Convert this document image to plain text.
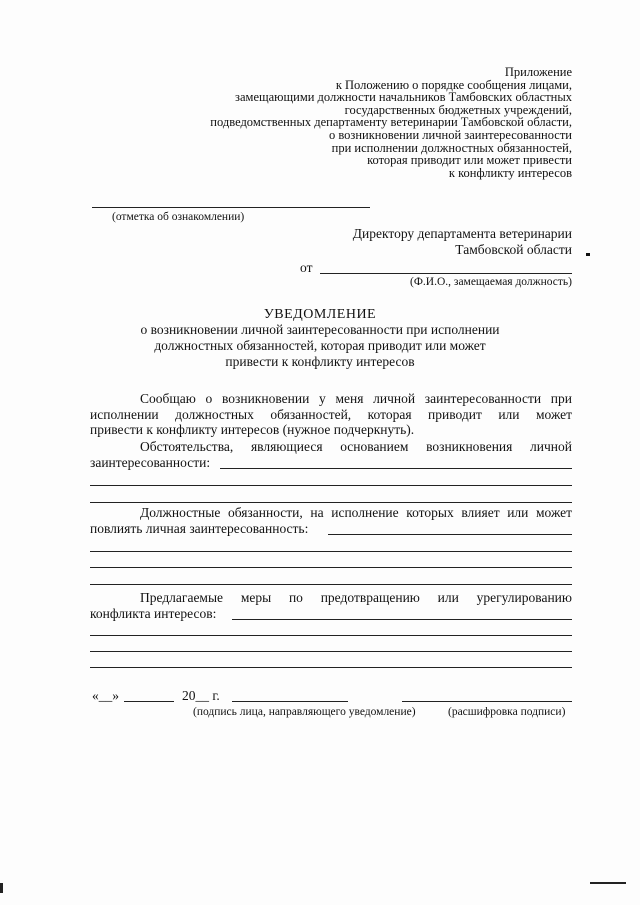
Приложение
к Положению о порядке сообщения лицами,
замещающими должности начальников Тамбовских областных
государственных бюджетных учреждений,
подведомственных департаменту ветеринарии Тамбовской области,
о возникновении личной заинтересованности
при исполнении должностных обязанностей,
которая приводит или может привести
к конфликту интересов
(отметка об ознакомлении)
Директору департамента ветеринарии
Тамбовской области
от
(Ф.И.О., замещаемая должность)
УВЕДОМЛЕНИЕ
о возникновении личной заинтересованности при исполнении
должностных обязанностей, которая приводит или может
привести к конфликту интересов
Сообщаю о возникновении у меня личной заинтересованности при
исполнении должностных обязанностей, которая приводит или может
привести к конфликту интересов (нужное подчеркнуть).
Обстоятельства, являющиеся основанием возникновения личной
заинтересованности:
Должностные обязанности, на исполнение которых влияет или может
повлиять личная заинтересованность:
Предлагаемые меры по предотвращению или урегулированию
конфликта интересов:
«__»	20__ г.
(подпись лица, направляющего уведомление)	(расшифровка подписи)
